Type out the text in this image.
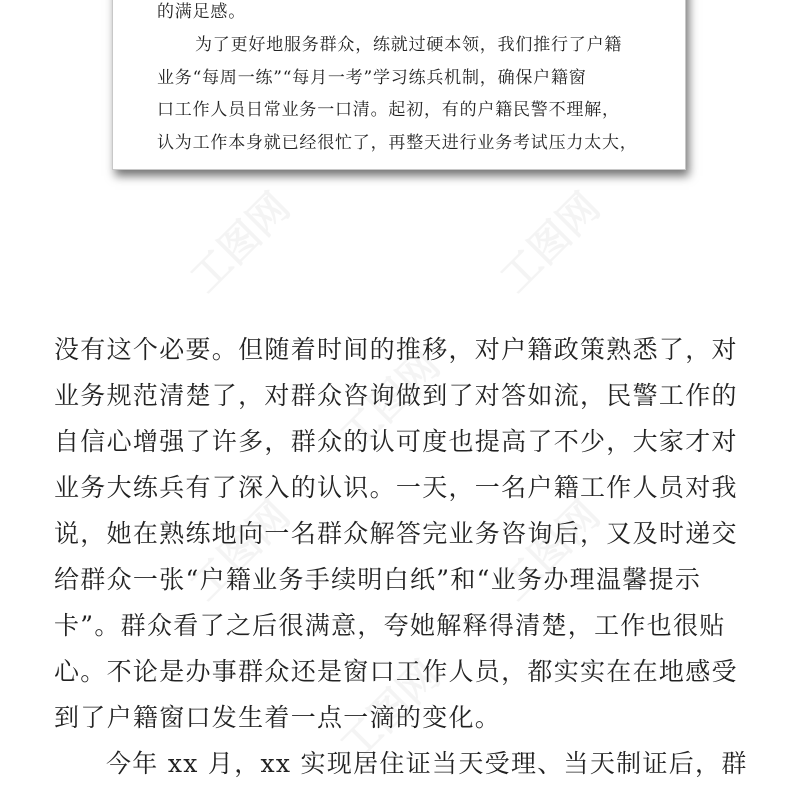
的满足感。
为了更好地服务群众，练就过硬本领，我们推行了户籍
业务“每周一练”“每月一考”学习练兵机制，确保户籍窗
口工作人员日常业务一口清。起初，有的户籍民警不理解，
认为工作本身就已经很忙了，再整天进行业务考试压力太大，
没有这个必要。但随着时间的推移，对户籍政策熟悉了，对
业务规范清楚了，对群众咨询做到了对答如流，民警工作的
自信心增强了许多，群众的认可度也提高了不少，大家才对
业务大练兵有了深入的认识。一天，一名户籍工作人员对我
说，她在熟练地向一名群众解答完业务咨询后，又及时递交
给群众一张“户籍业务手续明白纸”和“业务办理温馨提示
卡”。群众看了之后很满意，夸她解释得清楚，工作也很贴
心。不论是办事群众还是窗口工作人员，都实实在在地感受
到了户籍窗口发生着一点一滴的变化。
今年 xx 月，xx 实现居住证当天受理、当天制证后，群
